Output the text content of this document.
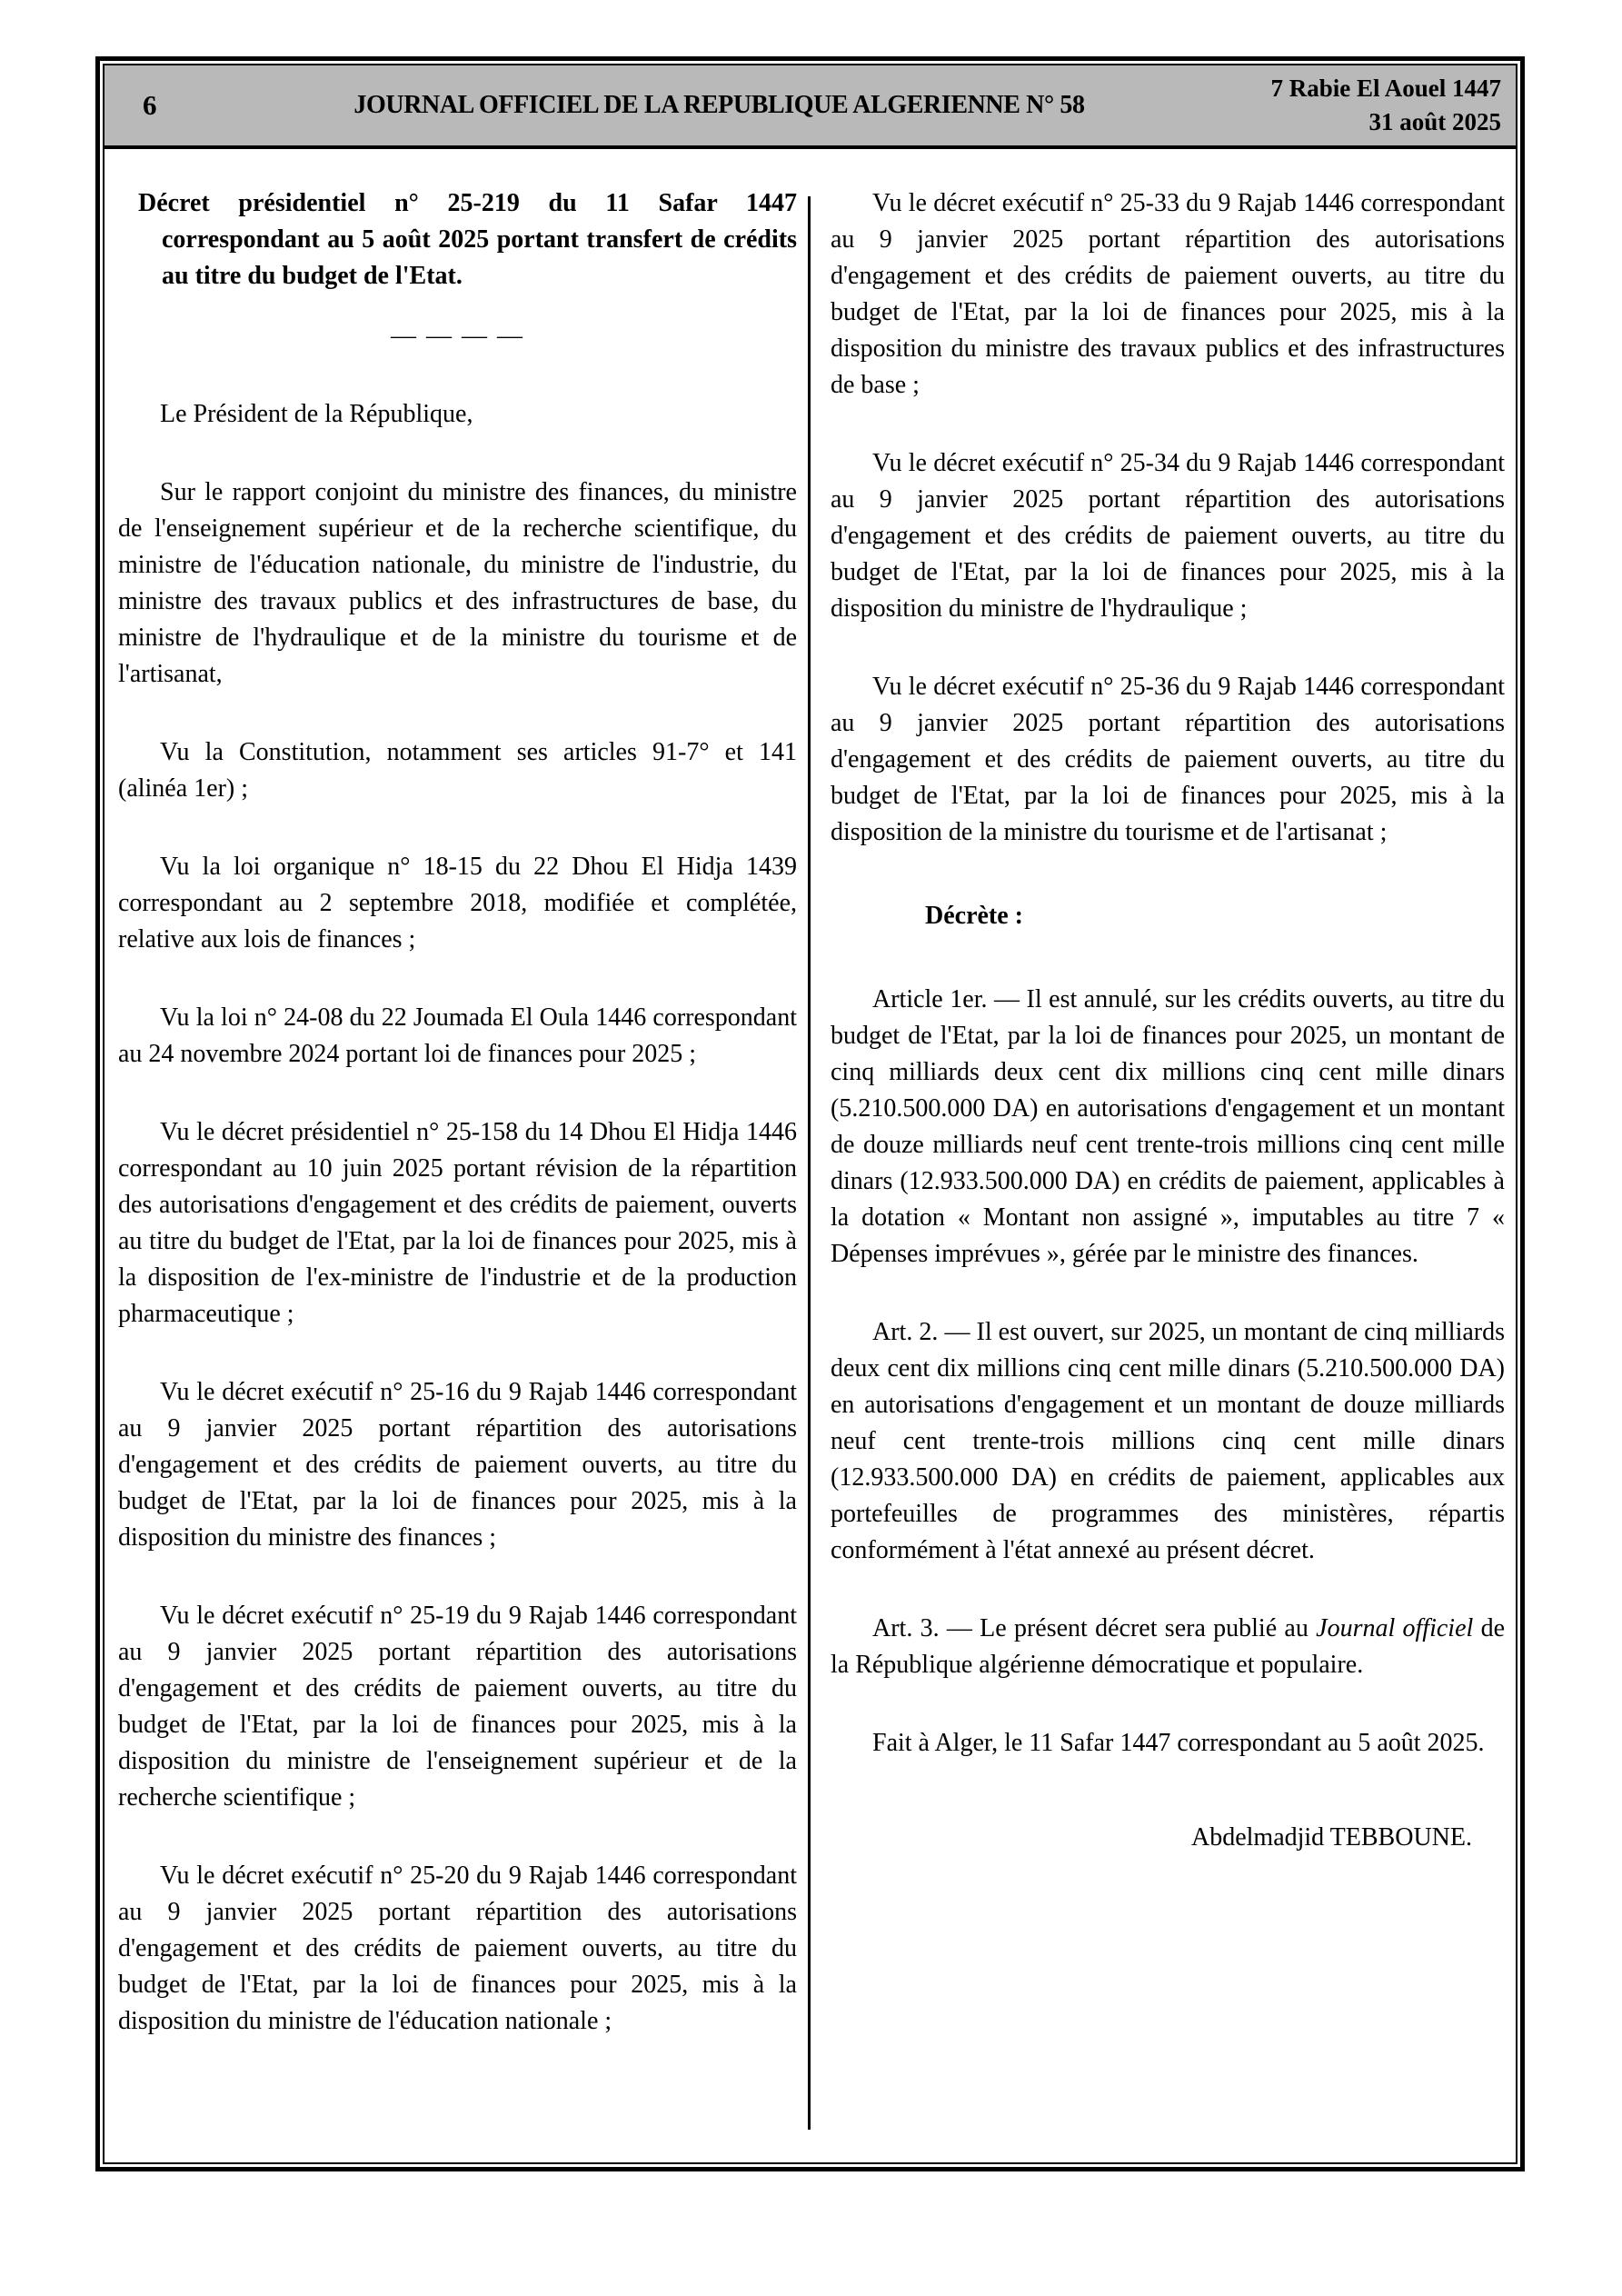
6	JOURNAL OFFICIEL DE LA REPUBLIQUE ALGERIENNE N° 58
7 Rabie El Aouel 1447
31 août 2025

Décret présidentiel n° 25-219 du 11 Safar 1447 correspondant au 5 août 2025 portant transfert de crédits au titre du budget de l'Etat.

— — — —

Le Président de la République,

Sur le rapport conjoint du ministre des finances, du ministre de l'enseignement supérieur et de la recherche scientifique, du ministre de l'éducation nationale, du ministre de l'industrie, du ministre des travaux publics et des infrastructures de base, du ministre de l'hydraulique et de la ministre du tourisme et de l'artisanat,

Vu la Constitution, notamment ses articles 91-7° et 141 (alinéa 1er) ;

Vu la loi organique n° 18-15 du 22 Dhou El Hidja 1439 correspondant au 2 septembre 2018, modifiée et complétée, relative aux lois de finances ;

Vu la loi n° 24-08 du 22 Joumada El Oula 1446 correspondant au 24 novembre 2024 portant loi de finances pour 2025 ;

Vu le décret présidentiel n° 25-158 du 14 Dhou El Hidja 1446 correspondant au 10 juin 2025 portant révision de la répartition des autorisations d'engagement et des crédits de paiement, ouverts au titre du budget de l'Etat, par la loi de finances pour 2025, mis à la disposition de l'ex-ministre de l'industrie et de la production pharmaceutique ;

Vu le décret exécutif n° 25-16 du 9 Rajab 1446 correspondant au 9 janvier 2025 portant répartition des autorisations d'engagement et des crédits de paiement ouverts, au titre du budget de l'Etat, par la loi de finances pour 2025, mis à la disposition du ministre des finances ;

Vu le décret exécutif n° 25-19 du 9 Rajab 1446 correspondant au 9 janvier 2025 portant répartition des autorisations d'engagement et des crédits de paiement ouverts, au titre du budget de l'Etat, par la loi de finances pour 2025, mis à la disposition du ministre de l'enseignement supérieur et de la recherche scientifique ;

Vu le décret exécutif n° 25-20 du 9 Rajab 1446 correspondant au 9 janvier 2025 portant répartition des autorisations d'engagement et des crédits de paiement ouverts, au titre du budget de l'Etat, par la loi de finances pour 2025, mis à la disposition du ministre de l'éducation nationale ;

Vu le décret exécutif n° 25-33 du 9 Rajab 1446 correspondant au 9 janvier 2025 portant répartition des autorisations d'engagement et des crédits de paiement ouverts, au titre du budget de l'Etat, par la loi de finances pour 2025, mis à la disposition du ministre des travaux publics et des infrastructures de base ;

Vu le décret exécutif n° 25-34 du 9 Rajab 1446 correspondant au 9 janvier 2025 portant répartition des autorisations d'engagement et des crédits de paiement ouverts, au titre du budget de l'Etat, par la loi de finances pour 2025, mis à la disposition du ministre de l'hydraulique ;

Vu le décret exécutif n° 25-36 du 9 Rajab 1446 correspondant au 9 janvier 2025 portant répartition des autorisations d'engagement et des crédits de paiement ouverts, au titre du budget de l'Etat, par la loi de finances pour 2025, mis à la disposition de la ministre du tourisme et de l'artisanat ;

Décrète :

Article 1er. — Il est annulé, sur les crédits ouverts, au titre du budget de l'Etat, par la loi de finances pour 2025, un montant de cinq milliards deux cent dix millions cinq cent mille dinars (5.210.500.000 DA) en autorisations d'engagement et un montant de douze milliards neuf cent trente-trois millions cinq cent mille dinars (12.933.500.000 DA) en crédits de paiement, applicables à la dotation « Montant non assigné », imputables au titre 7 « Dépenses imprévues », gérée par le ministre des finances.

Art. 2. — Il est ouvert, sur 2025, un montant de cinq milliards deux cent dix millions cinq cent mille dinars (5.210.500.000 DA) en autorisations d'engagement et un montant de douze milliards neuf cent trente-trois millions cinq cent mille dinars (12.933.500.000 DA) en crédits de paiement, applicables aux portefeuilles de programmes des ministères, répartis conformément à l'état annexé au présent décret.

Art. 3. — Le présent décret sera publié au Journal officiel de la République algérienne démocratique et populaire.

Fait à Alger, le 11 Safar 1447 correspondant au 5 août 2025.

Abdelmadjid TEBBOUNE.
